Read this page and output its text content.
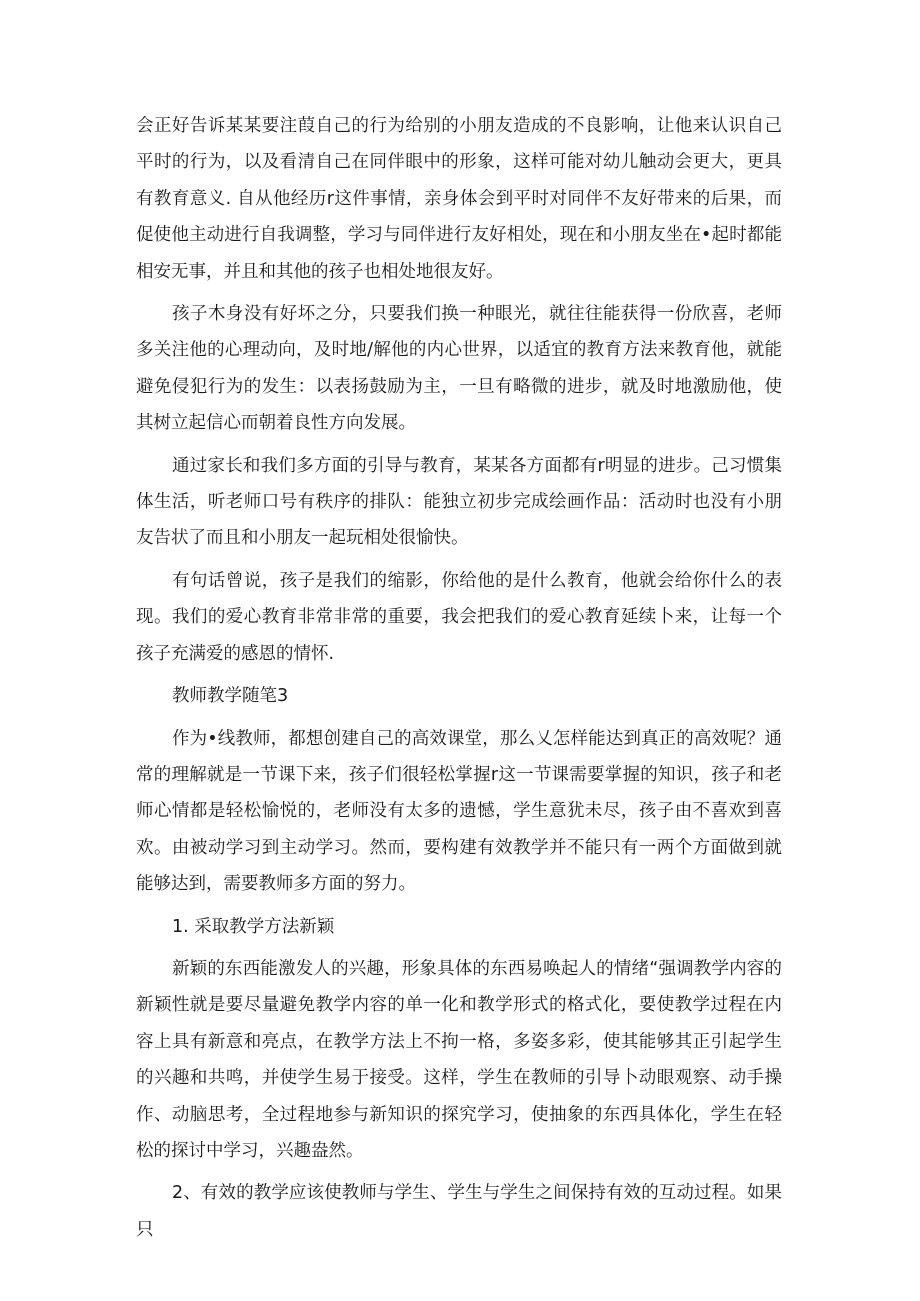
会正好告诉某某要注葭自己的行为给别的小朋友造成的不良影响，让他来认识自己平时的行为，以及看清自己在同伴眼中的形象，这样可能对幼儿触动会更大，更具有教育意义. 自从他经历r这件事情，亲身体会到平时对同伴不友好带来的后果，而促使他主动进行自我调整，学习与同伴进行友好相处，现在和小朋友坐在•起时都能相安无事，并且和其他的孩子也相处地很友好。

孩子木身没有好坏之分，只要我们换一种眼光，就往往能获得一份欣喜，老师多关注他的心理动向，及时地/解他的内心世界，以适宜的教育方法来教育他，就能避免侵犯行为的发生：以表扬鼓励为主，一旦有略微的进步，就及时地激励他，使其树立起信心而朝着良性方向发展。

通过家长和我们多方面的引导与教育，某某各方面都有r明显的进步。己习惯集体生活，听老师口号有秩序的排队：能独立初步完成绘画作品：活动时也没有小朋友告状了而且和小朋友一起玩相处很愉快。

有句话曾说，孩子是我们的缩影，你给他的是什么教育，他就会给你什么的表现。我们的爱心教育非常非常的重要，我会把我们的爱心教育延续卜来，让每一个孩子充满爱的感恩的情怀.

教师教学随笔3

作为•线教师，都想创建自己的高效课堂，那么乂怎样能达到真正的高效呢？通常的理解就是一节课下来，孩子们很轻松掌握r这一节课需要掌握的知识，孩子和老师心情都是轻松愉悦的，老师没有太多的遗憾，学生意犹未尽，孩子由不喜欢到喜欢。由被动学习到主动学习。然而，要构建有效教学并不能只有一两个方面做到就能够达到，需要教师多方面的努力。

1. 采取教学方法新颖

新颖的东西能激发人的兴趣，形象具体的东西易唤起人的情绪“强调教学内容的新颖性就是要尽量避免教学内容的单一化和教学形式的格式化，要使教学过程在内容上具有新意和亮点，在教学方法上不拘一格，多姿多彩，使其能够其正引起学生的兴趣和共鸣，并使学生易于接受。这样，学生在教师的引导卜动眼观察、动手操作、动脑思考，全过程地参与新知识的探究学习，使抽象的东西具体化，学生在轻松的探讨中学习，兴趣盎然。

2、有效的教学应该使教师与学生、学生与学生之间保持有效的互动过程。如果只
